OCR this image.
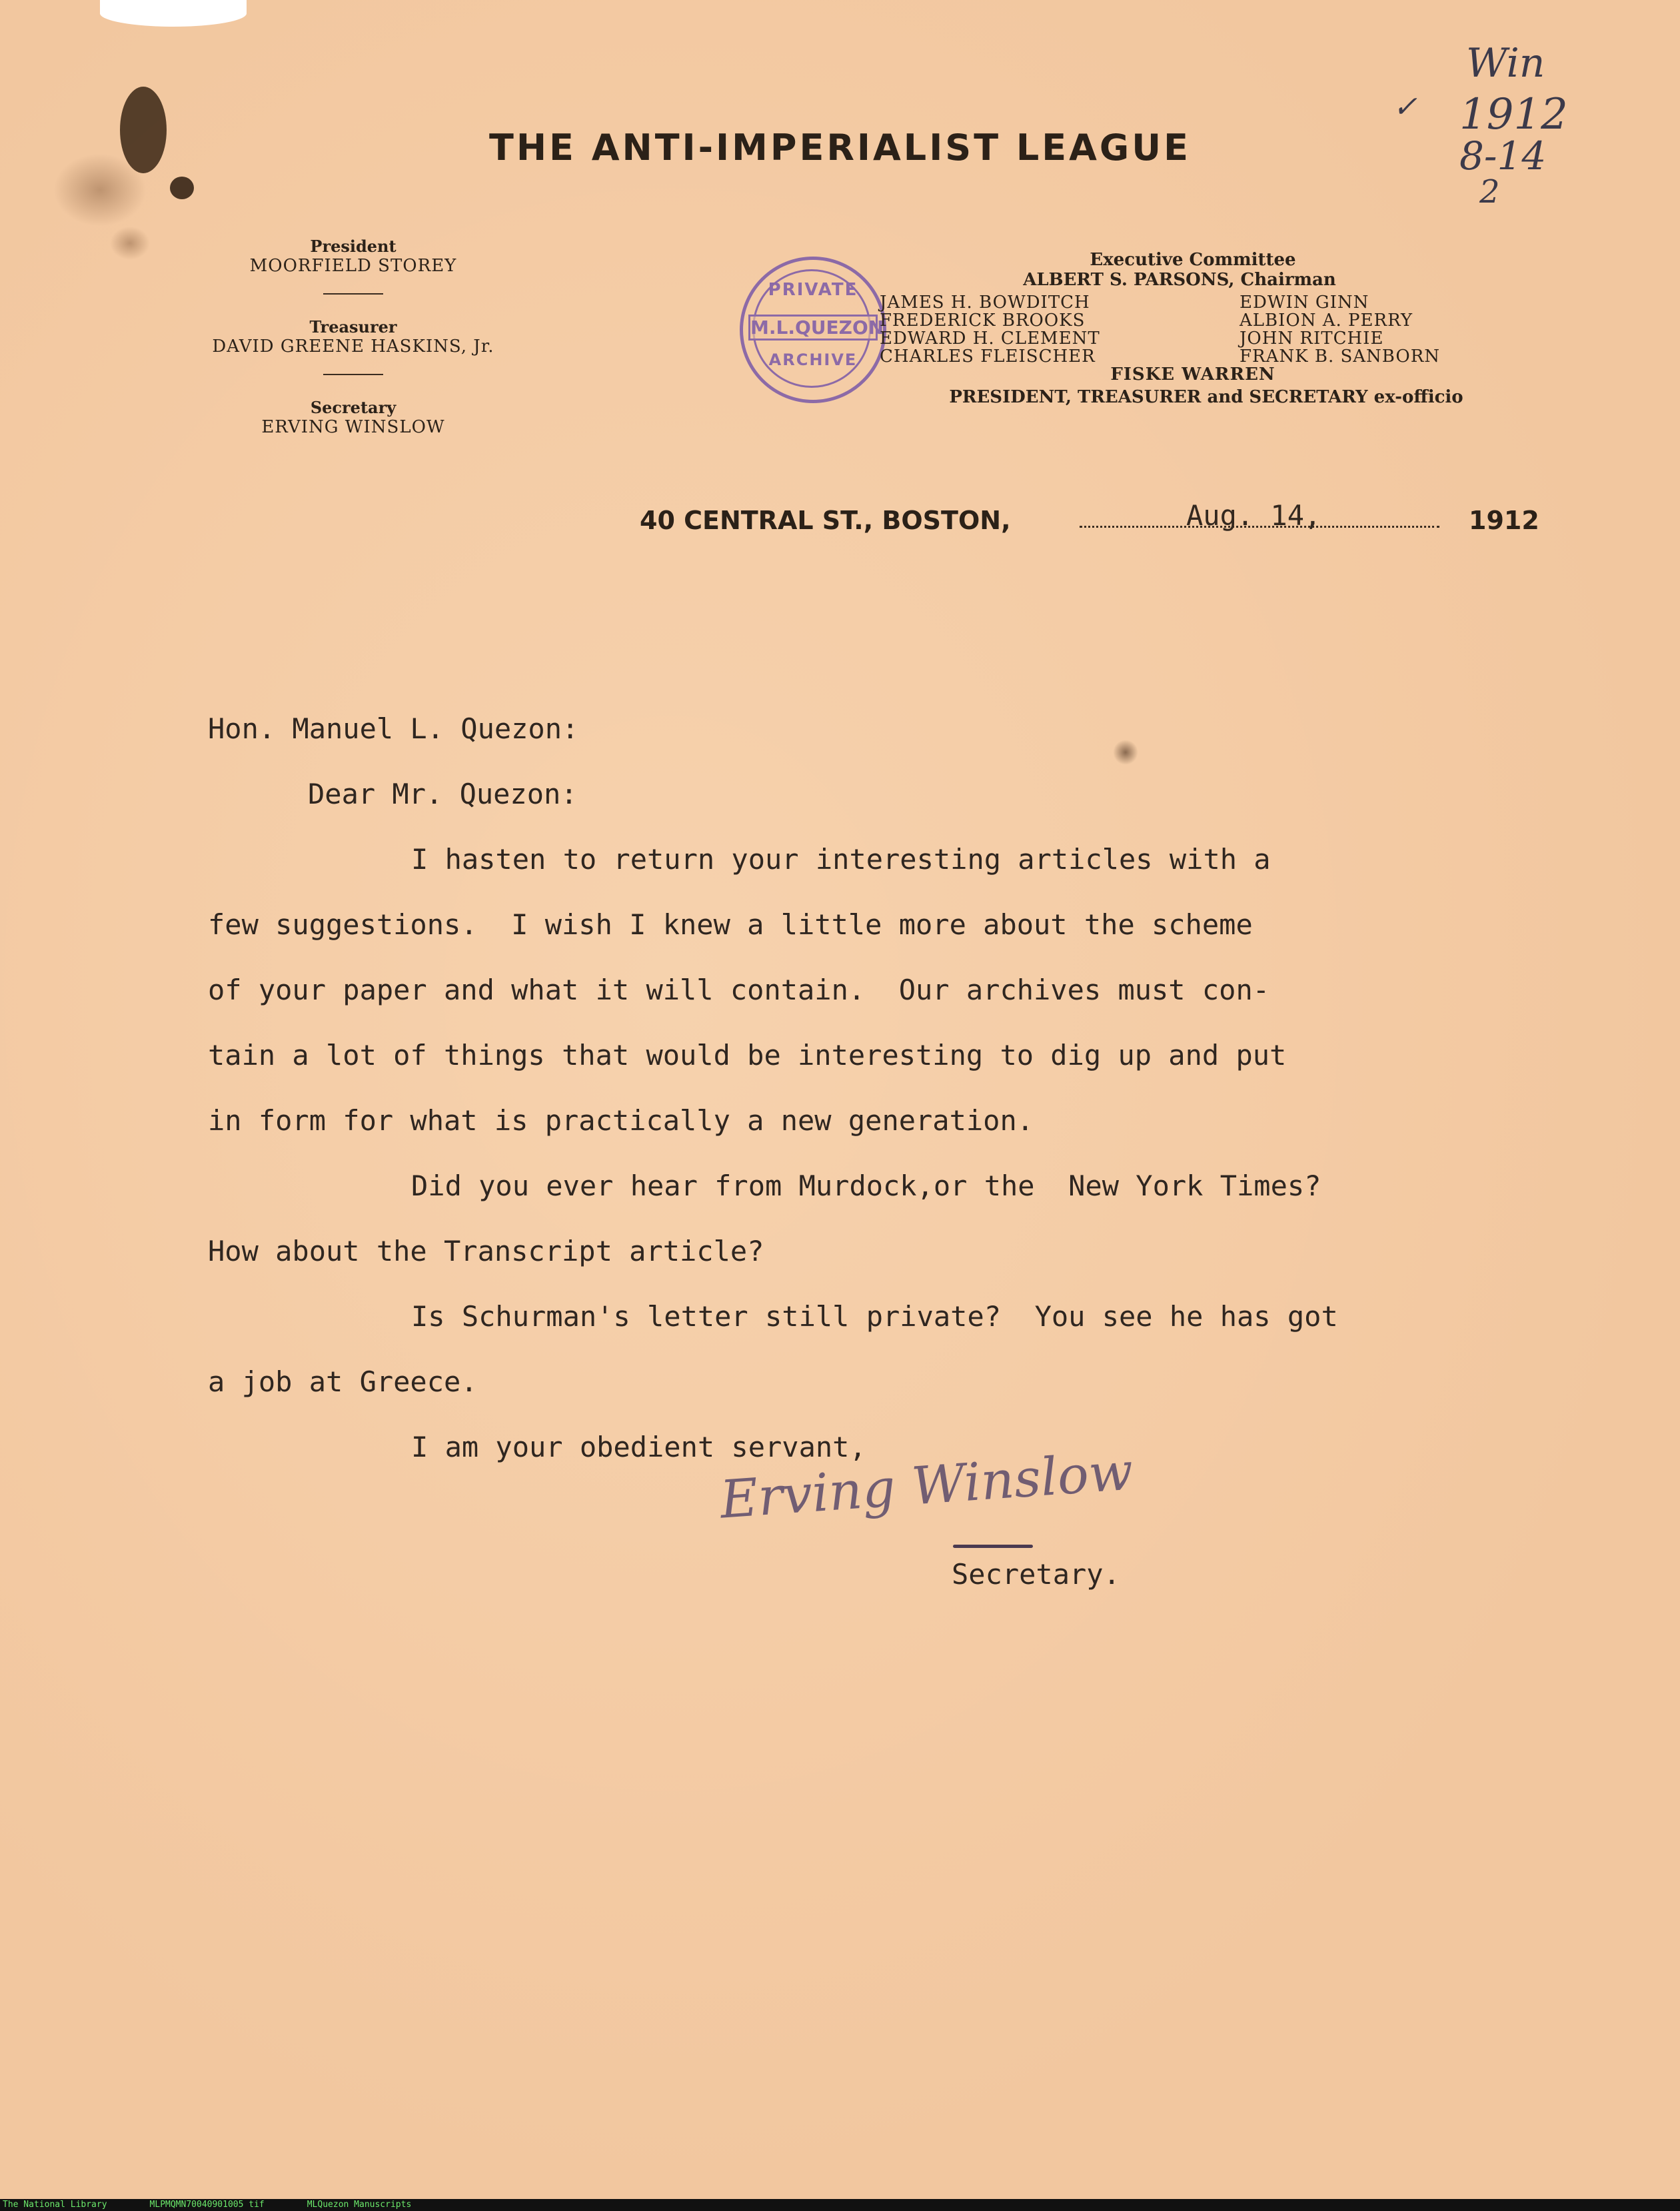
THE ANTI-IMPERIALIST LEAGUE
President
MOORFIELD STOREY
Treasurer
DAVID GREENE HASKINS, Jr.
Secretary
ERVING WINSLOW
PRIVATE
M.L.QUEZON
ARCHIVE
Executive Committee
ALBERT S. PARSONS, Chairman
JAMES H. BOWDITCH	EDWIN GINN
FREDERICK BROOKS	ALBION A. PERRY
EDWARD H. CLEMENT	JOHN RITCHIE
CHARLES FLEISCHER	FRANK B. SANBORN
FISKE WARREN
PRESIDENT, TREASURER and SECRETARY ex-officio
40 CENTRAL ST., BOSTON,	Aug. 14,	1912
✓
Win
1912
8-14
2

Hon. Manuel L. Quezon:

Dear Mr. Quezon:

I hasten to return your interesting articles with a

few suggestions.  I wish I knew a little more about the scheme

of your paper and what it will contain.  Our archives must con-

tain a lot of things that would be interesting to dig up and put

in form for what is practically a new generation.

Did you ever hear from Murdock,or the  New York Times?

How about the Transcript article?

Is Schurman's letter still private?  You see he has got

a job at Greece.

I am your obedient servant,

Erving Winslow
Secretary.
The National Library	MLPMQMN70040901005 tif	MLQuezon Manuscripts
